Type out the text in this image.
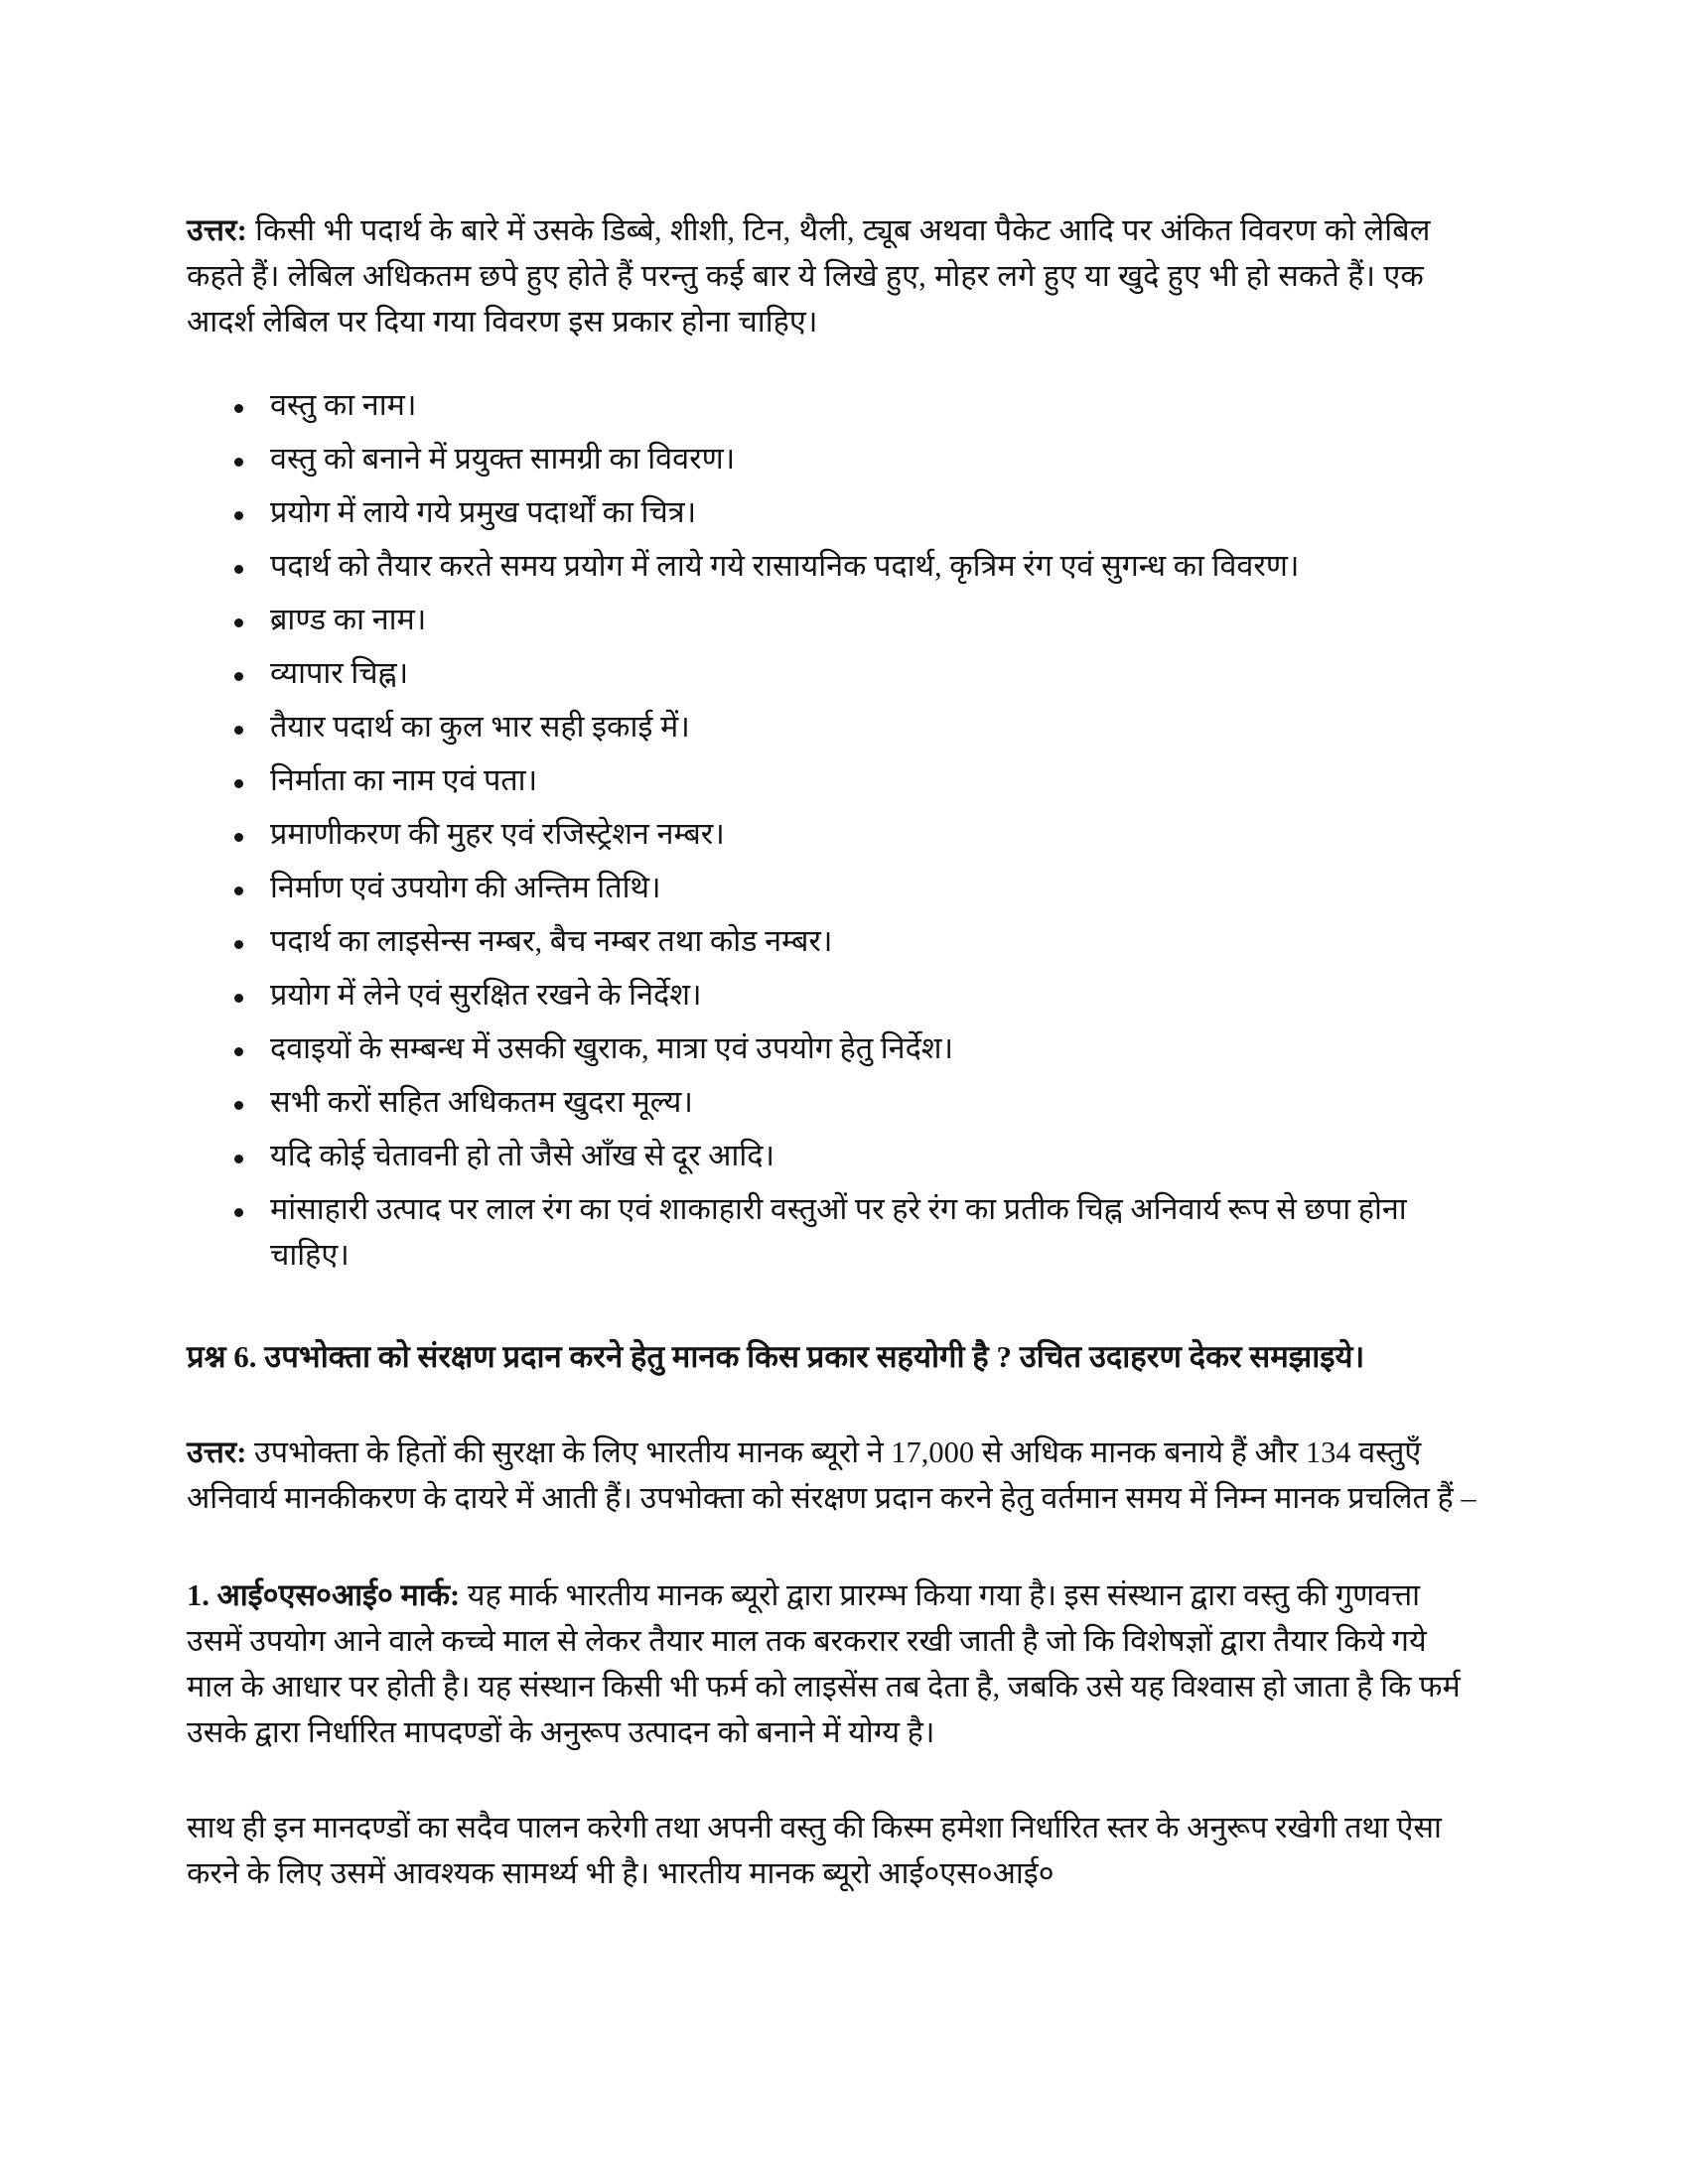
उत्तर: किसी भी पदार्थ के बारे में उसके डिब्बे, शीशी, टिन, थैली, ट्यूब अथवा पैकेट आदि पर अंकित विवरण को लेबिल कहते हैं। लेबिल अधिकतम छपे हुए होते हैं परन्तु कई बार ये लिखे हुए, मोहर लगे हुए या खुदे हुए भी हो सकते हैं। एक आदर्श लेबिल पर दिया गया विवरण इस प्रकार होना चाहिए।

वस्तु का नाम।
वस्तु को बनाने में प्रयुक्त सामग्री का विवरण।
प्रयोग में लाये गये प्रमुख पदार्थों का चित्र।
पदार्थ को तैयार करते समय प्रयोग में लाये गये रासायनिक पदार्थ, कृत्रिम रंग एवं सुगन्ध का विवरण।
ब्राण्ड का नाम।
व्यापार चिह्न।
तैयार पदार्थ का कुल भार सही इकाई में।
निर्माता का नाम एवं पता।
प्रमाणीकरण की मुहर एवं रजिस्ट्रेशन नम्बर।
निर्माण एवं उपयोग की अन्तिम तिथि।
पदार्थ का लाइसेन्स नम्बर, बैच नम्बर तथा कोड नम्बर।
प्रयोग में लेने एवं सुरक्षित रखने के निर्देश।
दवाइयों के सम्बन्ध में उसकी खुराक, मात्रा एवं उपयोग हेतु निर्देश।
सभी करों सहित अधिकतम खुदरा मूल्य।
यदि कोई चेतावनी हो तो जैसे आँख से दूर आदि।
मांसाहारी उत्पाद पर लाल रंग का एवं शाकाहारी वस्तुओं पर हरे रंग का प्रतीक चिह्न अनिवार्य रूप से छपा होना चाहिए।

प्रश्न 6. उपभोक्ता को संरक्षण प्रदान करने हेतु मानक किस प्रकार सहयोगी है ? उचित उदाहरण देकर समझाइये।

उत्तर: उपभोक्ता के हितों की सुरक्षा के लिए भारतीय मानक ब्यूरो ने 17,000 से अधिक मानक बनाये हैं और 134 वस्तुएँ अनिवार्य मानकीकरण के दायरे में आती हैं। उपभोक्ता को संरक्षण प्रदान करने हेतु वर्तमान समय में निम्न मानक प्रचलित हैं –

1. आई०एस०आई० मार्क: यह मार्क भारतीय मानक ब्यूरो द्वारा प्रारम्भ किया गया है। इस संस्थान द्वारा वस्तु की गुणवत्ता उसमें उपयोग आने वाले कच्चे माल से लेकर तैयार माल तक बरकरार रखी जाती है जो कि विशेषज्ञों द्वारा तैयार किये गये माल के आधार पर होती है। यह संस्थान किसी भी फर्म को लाइसेंस तब देता है, जबकि उसे यह विश्वास हो जाता है कि फर्म उसके द्वारा निर्धारित मापदण्डों के अनुरूप उत्पादन को बनाने में योग्य है।

साथ ही इन मानदण्डों का सदैव पालन करेगी तथा अपनी वस्तु की किस्म हमेशा निर्धारित स्तर के अनुरूप रखेगी तथा ऐसा करने के लिए उसमें आवश्यक सामर्थ्य भी है। भारतीय मानक ब्यूरो आई०एस०आई०
